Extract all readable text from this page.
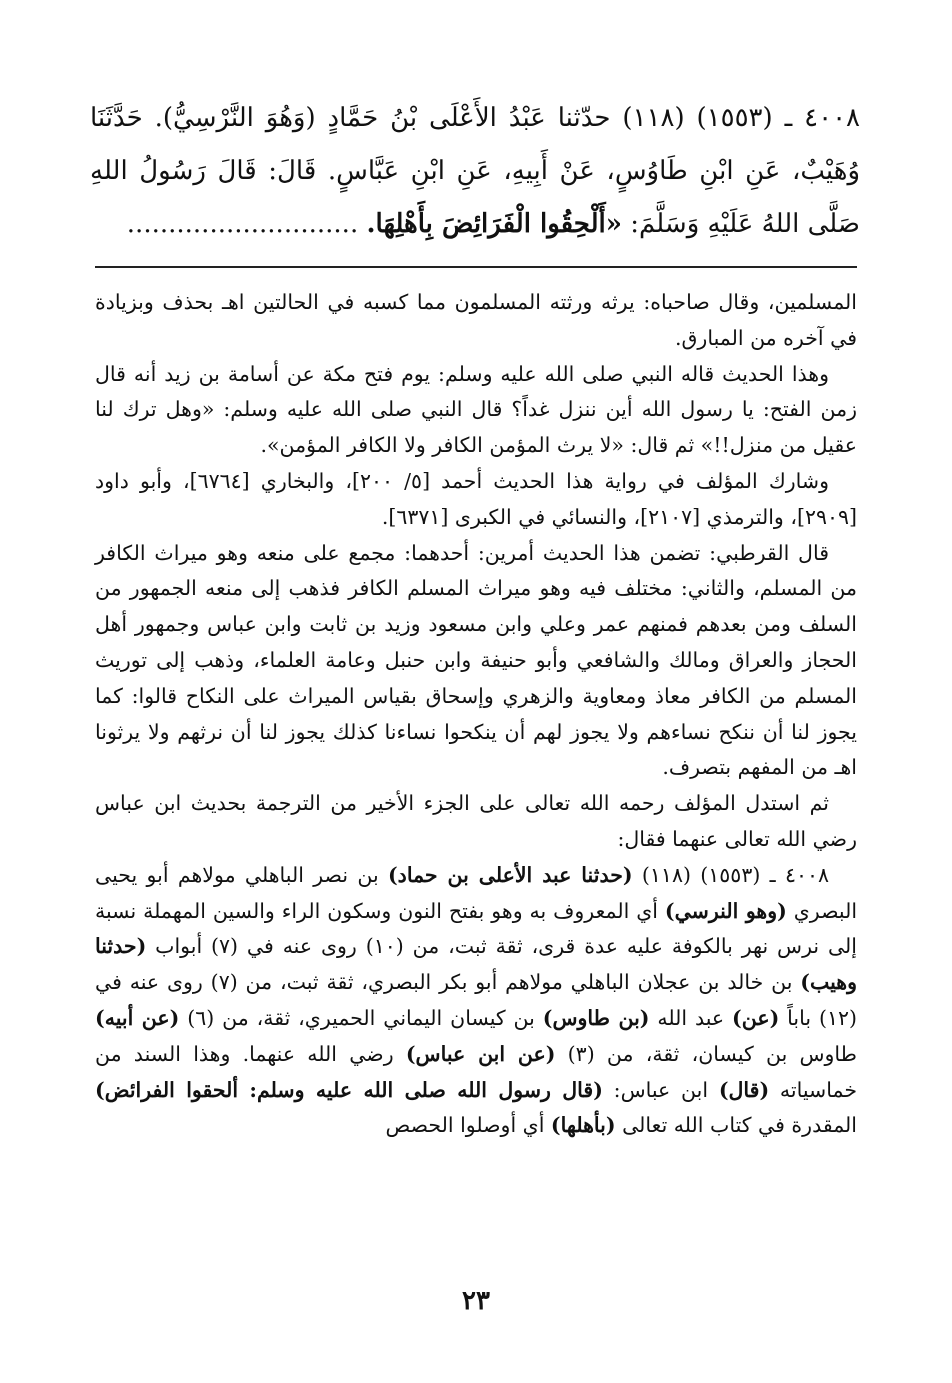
٤٠٠٨ ـ (١٥٥٣) (١١٨) حدّثنا عَبْدُ الأَعْلَى بْنُ حَمَّادٍ (وَهُوَ النَّرْسِيُّ). حَدَّثَنَا وُهَيْبٌ، عَنِ ابْنِ طَاوُسٍ، عَنْ أَبِيهِ، عَنِ ابْنِ عَبَّاسٍ. قَالَ: قَالَ رَسُولُ اللهِ صَلَّى اللهُ عَلَيْهِ وَسَلَّمَ: «أَلْحِقُوا الْفَرَائِضَ بِأَهْلِهَا. ............................

المسلمين، وقال صاحباه: يرثه ورثته المسلمون مما كسبه في الحالتين اهـ بحذف وبزيادة في آخره من المبارق.

وهذا الحديث قاله النبي صلى الله عليه وسلم: يوم فتح مكة عن أسامة بن زيد أنه قال زمن الفتح: يا رسول الله أين ننزل غداً؟ قال النبي صلى الله عليه وسلم: «وهل ترك لنا عقيل من منزل!!» ثم قال: «لا يرث المؤمن الكافر ولا الكافر المؤمن».

وشارك المؤلف في رواية هذا الحديث أحمد [٥/ ٢٠٠]، والبخاري [٦٧٦٤]، وأبو داود [٢٩٠٩]، والترمذي [٢١٠٧]، والنسائي في الكبرى [٦٣٧١].

قال القرطبي: تضمن هذا الحديث أمرين: أحدهما: مجمع على منعه وهو ميراث الكافر من المسلم، والثاني: مختلف فيه وهو ميراث المسلم الكافر فذهب إلى منعه الجمهور من السلف ومن بعدهم فمنهم عمر وعلي وابن مسعود وزيد بن ثابت وابن عباس وجمهور أهل الحجاز والعراق ومالك والشافعي وأبو حنيفة وابن حنبل وعامة العلماء، وذهب إلى توريث المسلم من الكافر معاذ ومعاوية والزهري وإسحاق بقياس الميراث على النكاح قالوا: كما يجوز لنا أن ننكح نساءهم ولا يجوز لهم أن ينكحوا نساءنا كذلك يجوز لنا أن نرثهم ولا يرثونا اهـ من المفهم بتصرف.

ثم استدل المؤلف رحمه الله تعالى على الجزء الأخير من الترجمة بحديث ابن عباس رضي الله تعالى عنهما فقال:

٤٠٠٨ ـ (١٥٥٣) (١١٨) (حدثنا عبد الأعلى بن حماد) بن نصر الباهلي مولاهم أبو يحيى البصري (وهو النرسي) أي المعروف به وهو بفتح النون وسكون الراء والسين المهملة نسبة إلى نرس نهر بالكوفة عليه عدة قرى، ثقة ثبت، من (١٠) روى عنه في (٧) أبواب (حدثنا وهيب) بن خالد بن عجلان الباهلي مولاهم أبو بكر البصري، ثقة ثبت، من (٧) روى عنه في (١٢) باباً (عن) عبد الله (بن طاوس) بن كيسان اليماني الحميري، ثقة، من (٦) (عن أبيه) طاوس بن كيسان، ثقة، من (٣) (عن ابن عباس) رضي الله عنهما. وهذا السند من خماسياته (قال) ابن عباس: (قال رسول الله صلى الله عليه وسلم: ألحقوا الفرائض) المقدرة في كتاب الله تعالى (بأهلها) أي أوصلوا الحصص

٢٣
